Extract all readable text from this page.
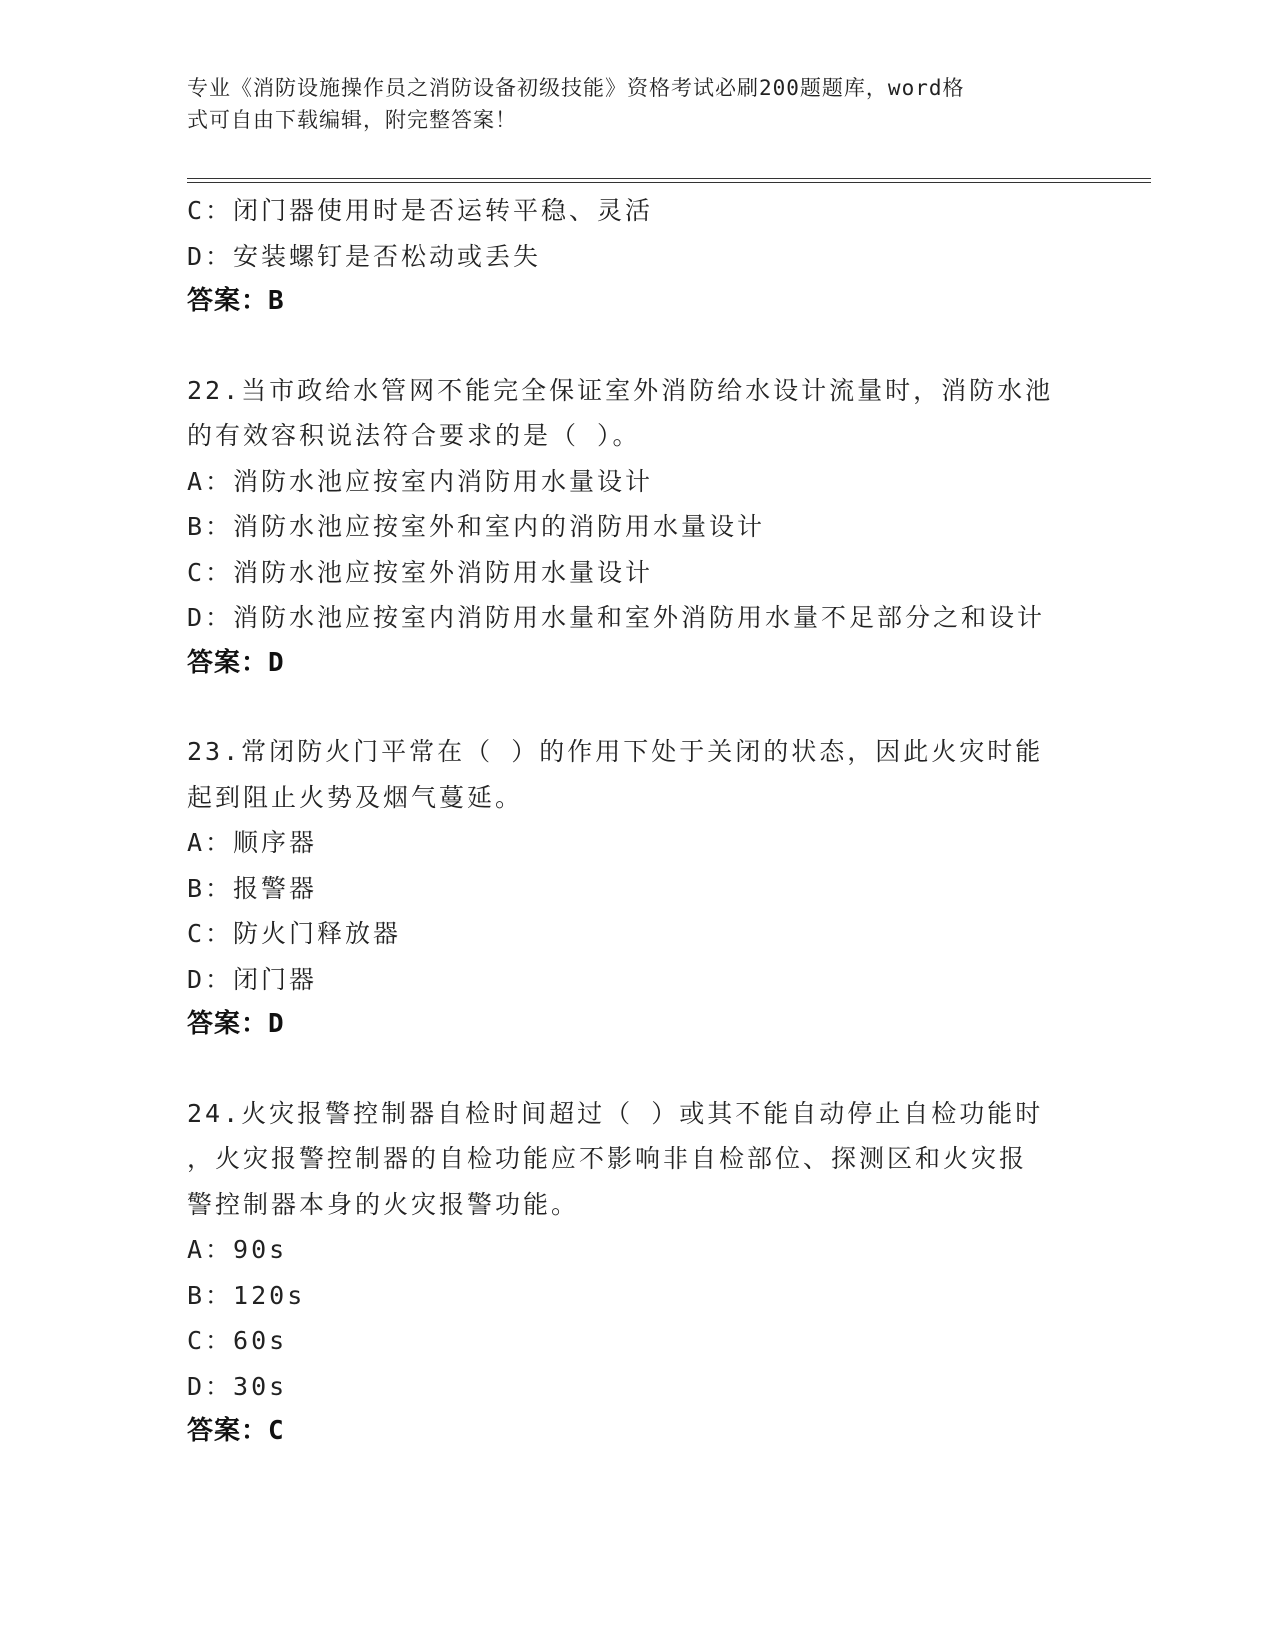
专业《消防设施操作员之消防设备初级技能》资格考试必刷200题题库，word格
式可自由下载编辑，附完整答案！
C：闭门器使用时是否运转平稳、灵活
D：安装螺钉是否松动或丢失
答案：B
22.当市政给水管网不能完全保证室外消防给水设计流量时，消防水池
的有效容积说法符合要求的是（ ）。
A：消防水池应按室内消防用水量设计
B：消防水池应按室外和室内的消防用水量设计
C：消防水池应按室外消防用水量设计
D：消防水池应按室内消防用水量和室外消防用水量不足部分之和设计
答案：D
23.常闭防火门平常在（ ）的作用下处于关闭的状态，因此火灾时能
起到阻止火势及烟气蔓延。
A：顺序器
B：报警器
C：防火门释放器
D：闭门器
答案：D
24.火灾报警控制器自检时间超过（ ）或其不能自动停止自检功能时
，火灾报警控制器的自检功能应不影响非自检部位、探测区和火灾报
警控制器本身的火灾报警功能。
A：90s
B：120s
C：60s
D：30s
答案：C
